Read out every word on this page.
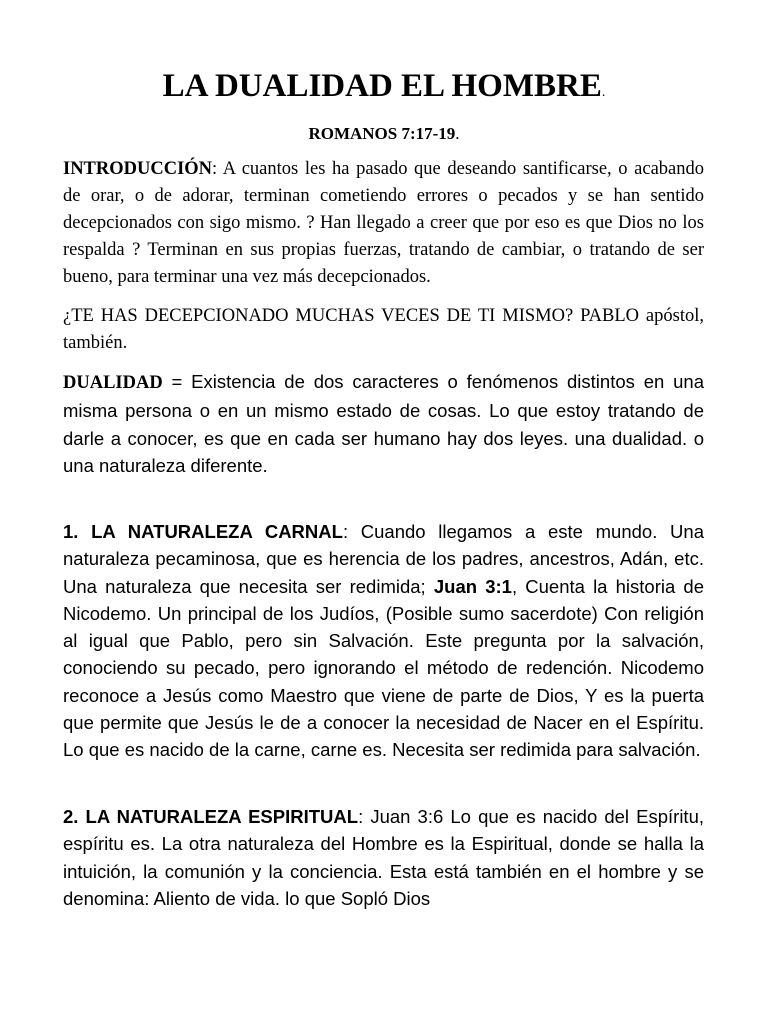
LA DUALIDAD EL HOMBRE.
ROMANOS 7:17-19.

INTRODUCCIÓN: A cuantos les ha pasado que deseando santificarse, o acabando de orar, o de adorar, terminan cometiendo errores o pecados y se han sentido decepcionados con sigo mismo. ? Han llegado a creer que por eso es que Dios no los respalda ? Terminan en sus propias fuerzas, tratando de cambiar, o tratando de ser bueno, para terminar una vez más decepcionados.

¿TE HAS DECEPCIONADO MUCHAS VECES DE TI MISMO? PABLO apóstol, también.

DUALIDAD = Existencia de dos caracteres o fenómenos distintos en una misma persona o en un mismo estado de cosas. Lo que estoy tratando de darle a conocer, es que en cada ser humano hay dos leyes. una dualidad. o una naturaleza diferente.

1. LA NATURALEZA CARNAL: Cuando llegamos a este mundo. Una naturaleza pecaminosa, que es herencia de los padres, ancestros, Adán, etc. Una naturaleza que necesita ser redimida; Juan 3:1, Cuenta la historia de Nicodemo. Un principal de los Judíos, (Posible sumo sacerdote) Con religión al igual que Pablo, pero sin Salvación. Este pregunta por la salvación, conociendo su pecado, pero ignorando el método de redención. Nicodemo reconoce a Jesús como Maestro que viene de parte de Dios, Y es la puerta que permite que Jesús le de a conocer la necesidad de Nacer en el Espíritu. Lo que es nacido de la carne, carne es. Necesita ser redimida para salvación.

2. LA NATURALEZA ESPIRITUAL: Juan 3:6 Lo que es nacido del Espíritu, espíritu es. La otra naturaleza del Hombre es la Espiritual, donde se halla la intuición, la comunión y la conciencia. Esta está también en el hombre y se denomina: Aliento de vida. lo que Sopló Dios
